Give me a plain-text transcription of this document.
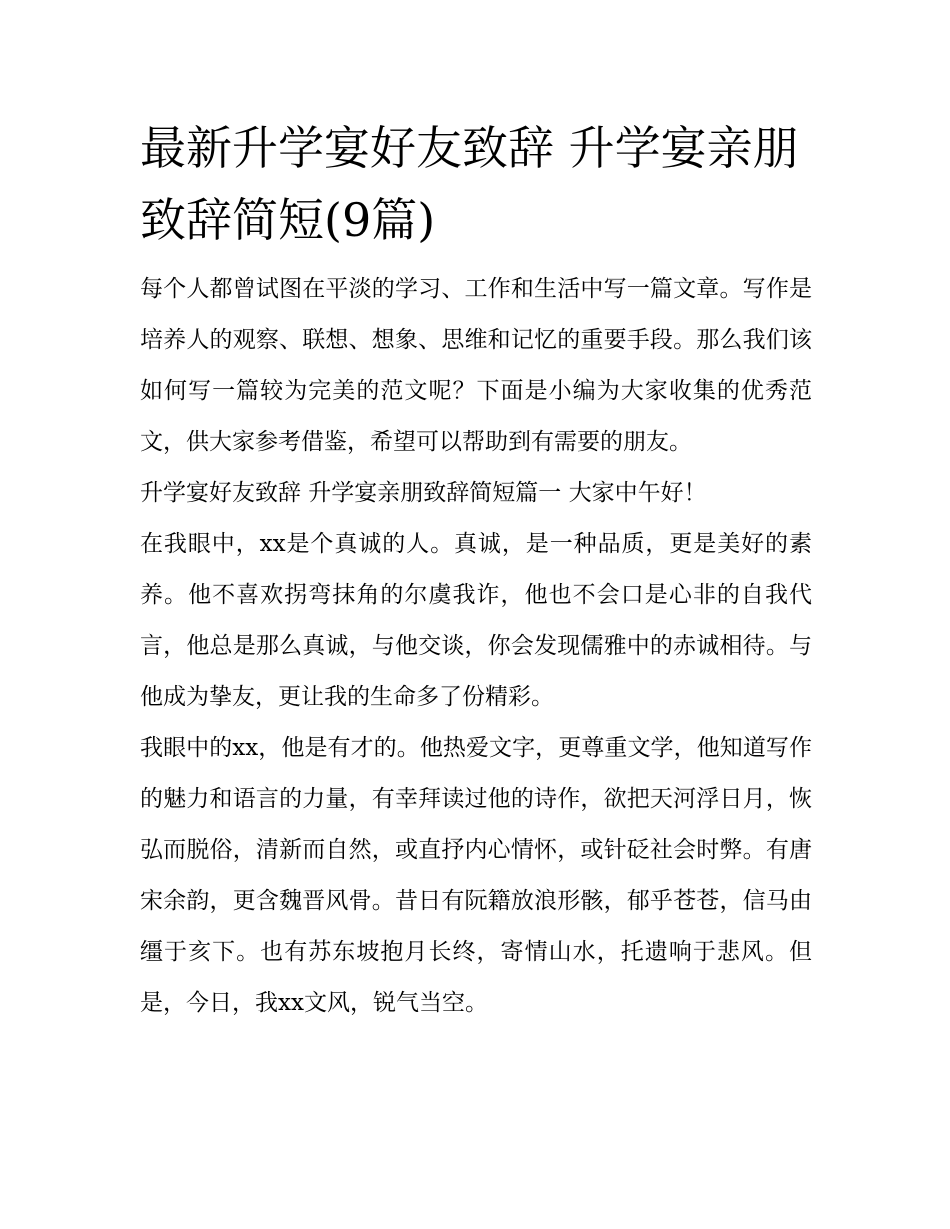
最新升学宴好友致辞 升学宴亲朋致辞简短(9篇)

每个人都曾试图在平淡的学习、工作和生活中写一篇文章。写作是培养人的观察、联想、想象、思维和记忆的重要手段。那么我们该如何写一篇较为完美的范文呢？下面是小编为大家收集的优秀范文，供大家参考借鉴，希望可以帮助到有需要的朋友。

升学宴好友致辞 升学宴亲朋致辞简短篇一 大家中午好！

在我眼中，xx是个真诚的人。真诚，是一种品质，更是美好的素养。他不喜欢拐弯抹角的尔虞我诈，他也不会口是心非的自我代言，他总是那么真诚，与他交谈，你会发现儒雅中的赤诚相待。与他成为挚友，更让我的生命多了份精彩。

我眼中的xx，他是有才的。他热爱文字，更尊重文学，他知道写作的魅力和语言的力量，有幸拜读过他的诗作，欲把天河浮日月，恢弘而脱俗，清新而自然，或直抒内心情怀，或针砭社会时弊。有唐宋余韵，更含魏晋风骨。昔日有阮籍放浪形骸，郁乎苍苍，信马由缰于亥下。也有苏东坡抱月长终，寄情山水，托遗响于悲风。但是，今日，我xx文风，锐气当空。
